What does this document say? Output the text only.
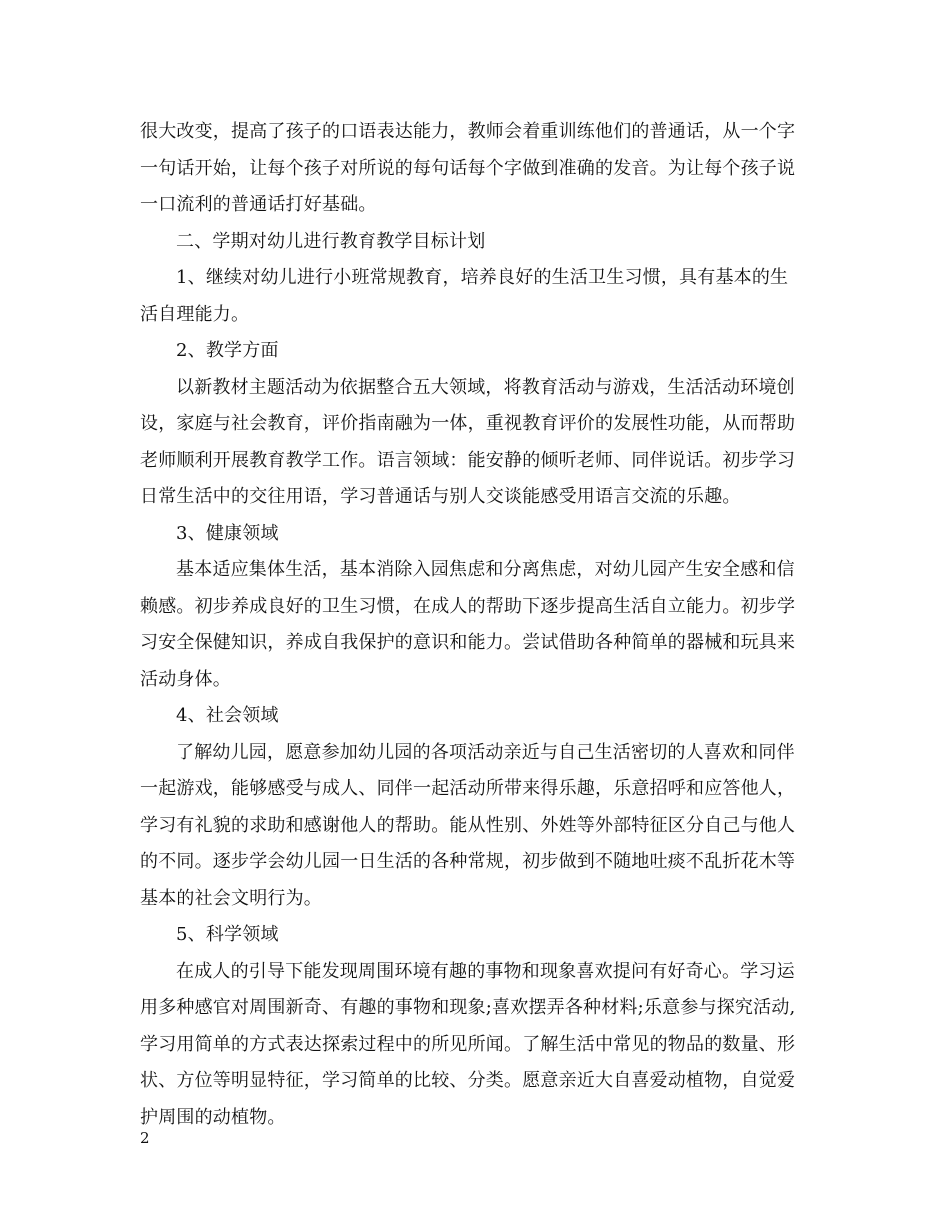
很大改变，提高了孩子的口语表达能力，教师会着重训练他们的普通话，从一个字
一句话开始，让每个孩子对所说的每句话每个字做到准确的发音。为让每个孩子说
一口流利的普通话打好基础。
二、学期对幼儿进行教育教学目标计划
1、继续对幼儿进行小班常规教育，培养良好的生活卫生习惯，具有基本的生
活自理能力。
2、教学方面
以新教材主题活动为依据整合五大领域，将教育活动与游戏，生活活动环境创
设，家庭与社会教育，评价指南融为一体，重视教育评价的发展性功能，从而帮助
老师顺利开展教育教学工作。语言领域：能安静的倾听老师、同伴说话。初步学习
日常生活中的交往用语，学习普通话与别人交谈能感受用语言交流的乐趣。
3、健康领域
基本适应集体生活，基本消除入园焦虑和分离焦虑，对幼儿园产生安全感和信
赖感。初步养成良好的卫生习惯，在成人的帮助下逐步提高生活自立能力。初步学
习安全保健知识，养成自我保护的意识和能力。尝试借助各种简单的器械和玩具来
活动身体。
4、社会领域
了解幼儿园，愿意参加幼儿园的各项活动亲近与自己生活密切的人喜欢和同伴
一起游戏，能够感受与成人、同伴一起活动所带来得乐趣，乐意招呼和应答他人，
学习有礼貌的求助和感谢他人的帮助。能从性别、外姓等外部特征区分自己与他人
的不同。逐步学会幼儿园一日生活的各种常规，初步做到不随地吐痰不乱折花木等
基本的社会文明行为。
5、科学领域
在成人的引导下能发现周围环境有趣的事物和现象喜欢提问有好奇心。学习运
用多种感官对周围新奇、有趣的事物和现象;喜欢摆弄各种材料;乐意参与探究活动,
学习用简单的方式表达探索过程中的所见所闻。了解生活中常见的物品的数量、形
状、方位等明显特征，学习简单的比较、分类。愿意亲近大自喜爱动植物，自觉爱
护周围的动植物。
2
